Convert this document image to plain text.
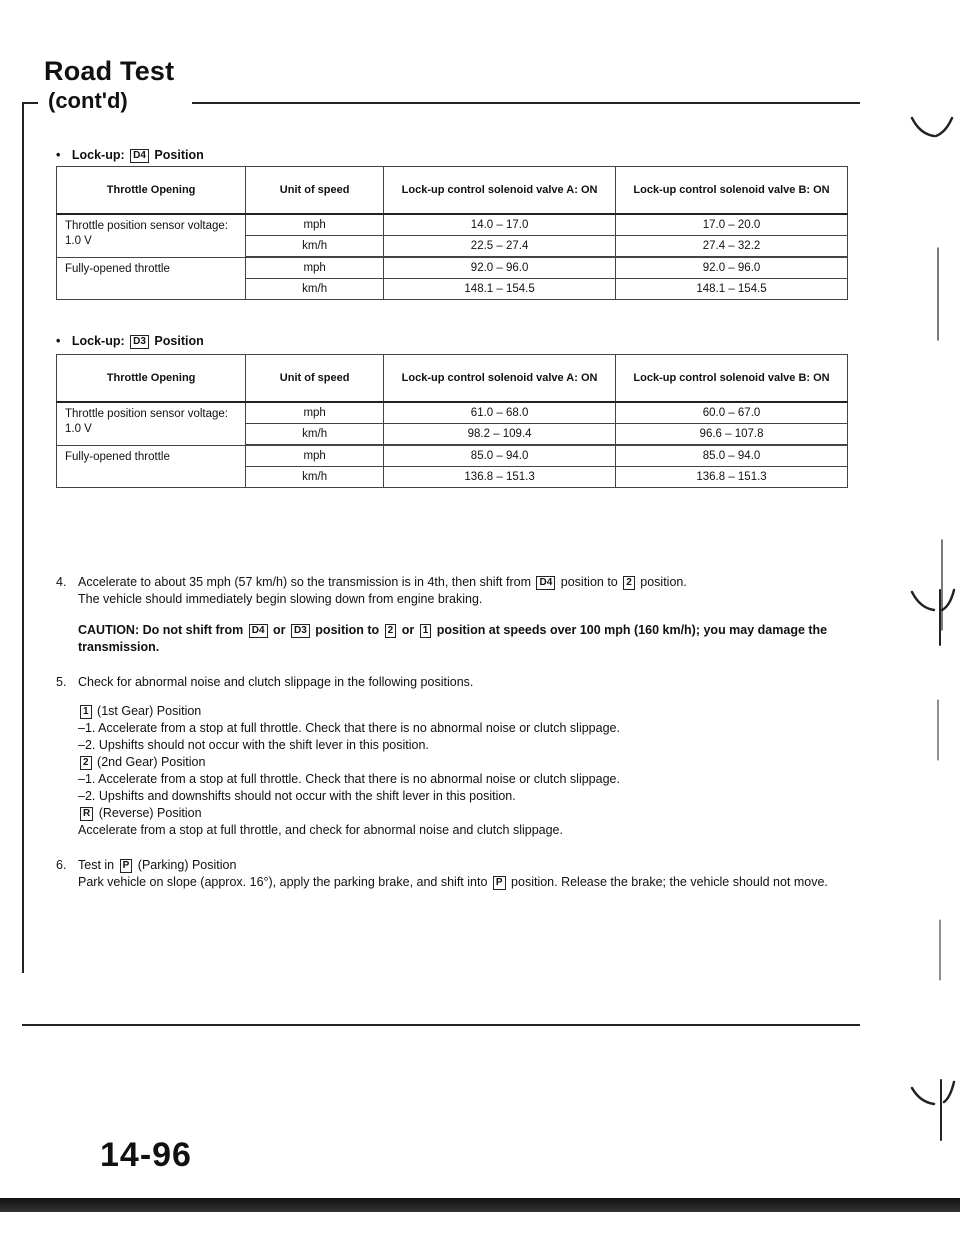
Road Test
(cont'd)
• Lock-up: D4 Position
Throttle Opening	Unit of speed	Lock-up control solenoid valve A: ON	Lock-up control solenoid valve B: ON
Throttle position sensor voltage: 1.0 V	mph	14.0 – 17.0	17.0 – 20.0
	km/h	22.5 – 27.4	27.4 – 32.2
Fully-opened throttle	mph	92.0 – 96.0	92.0 – 96.0
	km/h	148.1 – 154.5	148.1 – 154.5
• Lock-up: D3 Position
Throttle Opening	Unit of speed	Lock-up control solenoid valve A: ON	Lock-up control solenoid valve B: ON
Throttle position sensor voltage: 1.0 V	mph	61.0 – 68.0	60.0 – 67.0
	km/h	98.2 – 109.4	96.6 – 107.8
Fully-opened throttle	mph	85.0 – 94.0	85.0 – 94.0
	km/h	136.8 – 151.3	136.8 – 151.3
4. Accelerate to about 35 mph (57 km/h) so the transmission is in 4th, then shift from D4 position to 2 position.

The vehicle should immediately begin slowing down from engine braking.

CAUTION: Do not shift from D4 or D3 position to 2 or 1 position at speeds over 100 mph (160 km/h); you may damage the transmission.

5. Check for abnormal noise and clutch slippage in the following positions.

1 (1st Gear) Position

–1. Accelerate from a stop at full throttle. Check that there is no abnormal noise or clutch slippage.

–2. Upshifts should not occur with the shift lever in this position.

2 (2nd Gear) Position

–1. Accelerate from a stop at full throttle. Check that there is no abnormal noise or clutch slippage.

–2. Upshifts and downshifts should not occur with the shift lever in this position.

R (Reverse) Position

Accelerate from a stop at full throttle, and check for abnormal noise and clutch slippage.

6. Test in P (Parking) Position

Park vehicle on slope (approx. 16°), apply the parking brake, and shift into P position. Release the brake; the vehicle should not move.

14-96
